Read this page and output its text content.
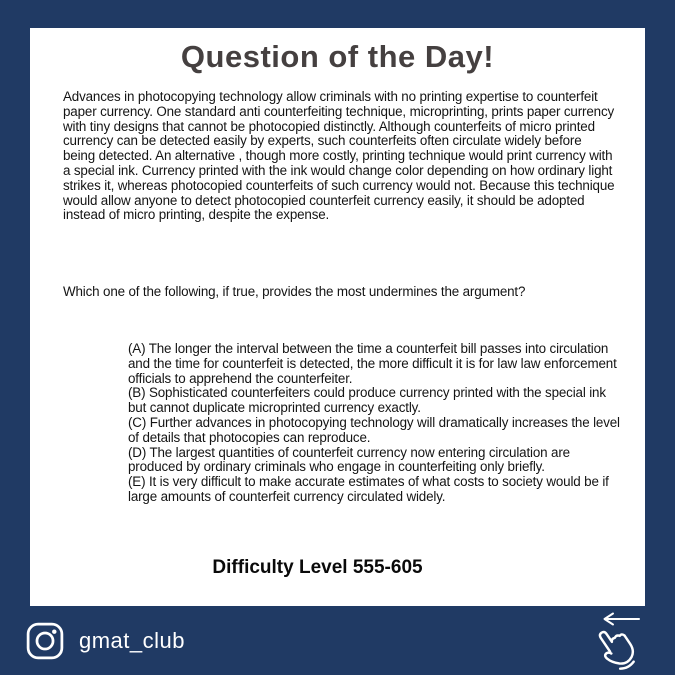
Question of the Day!

Advances in photocopying technology allow criminals with no printing expertise to counterfeit paper currency. One standard anti counterfeiting technique, microprinting, prints paper currency with tiny designs that cannot be photocopied distinctly. Although counterfeits of micro printed currency can be detected easily by experts, such counterfeits often circulate widely before being detected. An alternative , though more costly, printing technique would print currency with a special ink. Currency printed with the ink would change color depending on how ordinary light strikes it, whereas photocopied counterfeits of such currency would not. Because this technique would allow anyone to detect photocopied counterfeit currency easily, it should be adopted instead of micro printing, despite the expense.

Which one of the following, if true, provides the most undermines the argument?

(A) The longer the interval between the time a counterfeit bill passes into circulation and the time for counterfeit is detected, the more difficult it is for law law enforcement officials to apprehend the counterfeiter.

(B) Sophisticated counterfeiters could produce currency printed with the special ink but cannot duplicate microprinted currency exactly.

(C) Further advances in photocopying technology will dramatically increases the level of details that photocopies can reproduce.

(D) The largest quantities of counterfeit currency now entering circulation are produced by ordinary criminals who engage in counterfeiting only briefly.

(E) It is very difficult to make accurate estimates of what costs to society would be if large amounts of counterfeit currency circulated widely.

Difficulty Level 555-605

gmat_club
